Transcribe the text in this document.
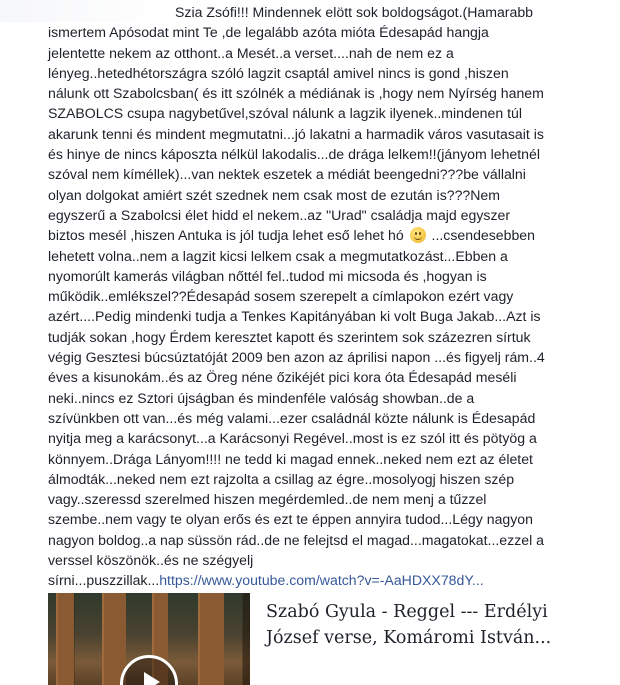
Szia Zsófi!!! Mindennek elött sok boldogságot.(Hamarabb
ismertem Apósodat mint Te ,de legalább azóta mióta Édesapád hangja
jelentette nekem az otthont..a Mesét..a verset....nah de nem ez a
lényeg..hetedhétországra szóló lagzit csaptál amivel nincs is gond ,hiszen
nálunk ott Szabolcsban( és itt szólnék a médiának is ,hogy nem Nyírség hanem
SZABOLCS csupa nagybetűvel,szóval nálunk a lagzik ilyenek..mindenen túl
akarunk tenni és mindent megmutatni...jó lakatni a harmadik város vasutasait is
és hinye de nincs káposzta nélkül lakodalis...de drága lelkem!!(jányom lehetnél
szóval nem kíméllek)...van nektek eszetek a médiát beengedni???be vállalni
olyan dolgokat amiért szét szednek nem csak most de ezután is???Nem
egyszerű a Szabolcsi élet hidd el nekem..az "Urad" családja majd egyszer
biztos mesél ,hiszen Antuka is jól tudja lehet eső lehet hó ...csendesebben
lehetett volna..nem a lagzit kicsi lelkem csak a megmutatkozást...Ebben a
nyomorúlt kamerás világban nőttél fel..tudod mi micsoda és ,hogyan is
működik..emlékszel??Édesapád sosem szerepelt a címlapokon ezért vagy
azért....Pedig mindenki tudja a Tenkes Kapitányában ki volt Buga Jakab...Azt is
tudják sokan ,hogy Érdem keresztet kapott és szerintem sok százezren sírtuk
végig Gesztesi búcsúztatóját 2009 ben azon az áprilisi napon ...és figyelj rám..4
éves a kisunokám..és az Öreg néne őzikéjét pici kora óta Édesapád meséli
neki..nincs ez Sztori újságban és mindenféle valóság showban..de a
szívünkben ott van...és még valami...ezer családnál közte nálunk is Édesapád
nyitja meg a karácsonyt...a Karácsonyi Regével..most is ez szól itt és pötyög a
könnyem..Drága Lányom!!!! ne tedd ki magad ennek..neked nem ezt az életet
álmodták...neked nem ezt rajzolta a csillag az égre..mosolyogj hiszen szép
vagy..szeressd szerelmed hiszen megérdemled..de nem menj a tűzzel
szembe..nem vagy te olyan erős és ezt te éppen annyira tudod...Légy nagyon
nagyon boldog..a nap süssön rád..de ne felejtsd el magad...magatokat...ezzel a
verssel köszönök..és ne szégyelj
sírni...puszzillak...https://www.youtube.com/watch?v=-AaHDXX78dY...

Szabó Gyula - Reggel --- Erdélyi
József verse, Komáromi István...
